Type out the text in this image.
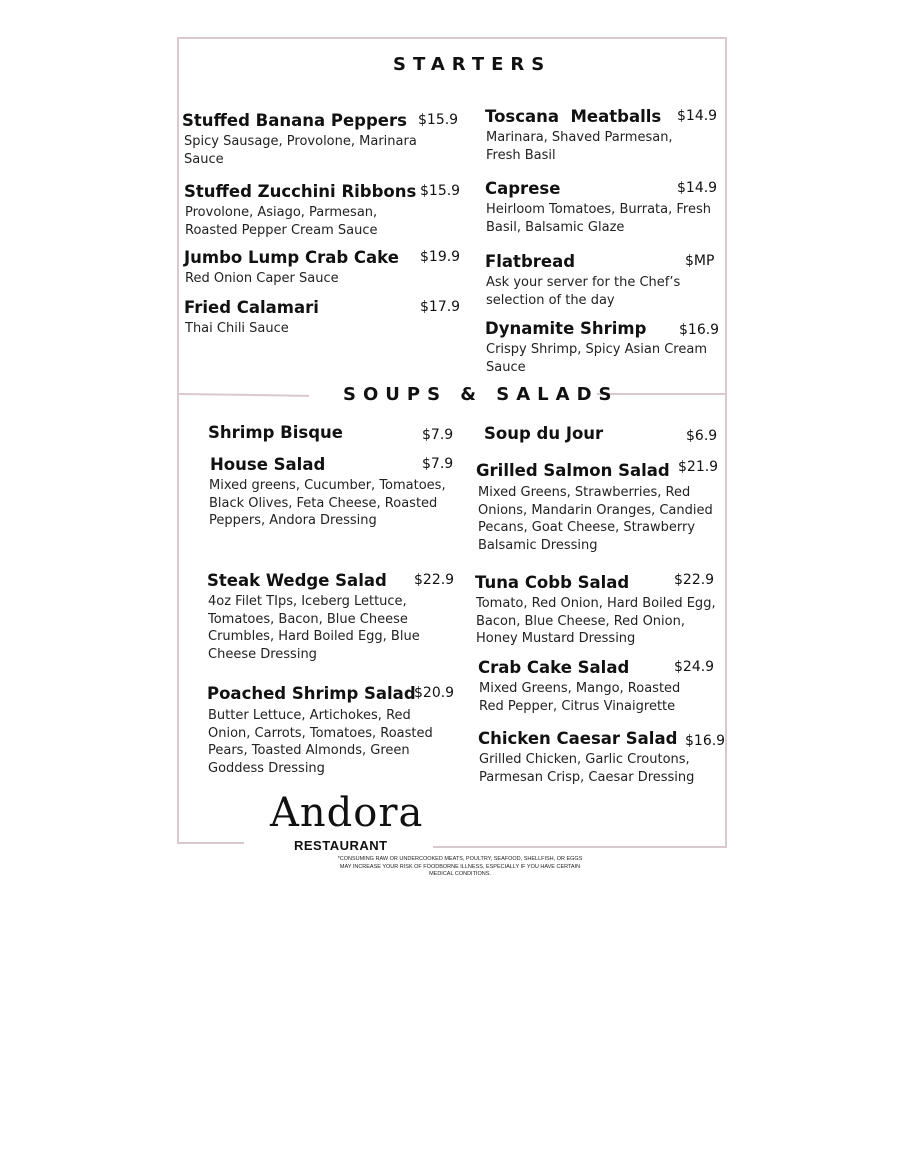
STARTERS
SOUPS & SALADS
Stuffed Banana Peppers $15.9
Spicy Sausage, Provolone, Marinara Sauce
Stuffed Zucchini Ribbons $15.9
Provolone, Asiago, Parmesan, Roasted Pepper Cream Sauce
Jumbo Lump Crab Cake $19.9
Red Onion Caper Sauce
Fried Calamari	$17.9
Thai Chili Sauce
Toscana  Meatballs $14.9
Marinara, Shaved Parmesan, Fresh Basil
Caprese	$14.9
Heirloom Tomatoes, Burrata, Fresh Basil, Balsamic Glaze
Flatbread	$MP
Ask your server for the Chef’s selection of the day
Dynamite Shrimp $16.9
Crispy Shrimp, Spicy Asian Cream Sauce
Shrimp Bisque	$7.9
House Salad	$7.9
Mixed greens, Cucumber, Tomatoes, Black Olives, Feta Cheese, Roasted Peppers, Andora Dressing
Steak Wedge Salad $22.9
4oz Filet TIps, Iceberg Lettuce, Tomatoes, Bacon, Blue Cheese Crumbles, Hard Boiled Egg, Blue Cheese Dressing
Poached Shrimp Salad
$20.9
Butter Lettuce, Artichokes, Red Onion, Carrots, Tomatoes, Roasted Pears, Toasted Almonds, Green Goddess Dressing
Soup du Jour	$6.9
Grilled Salmon Salad $21.9
Mixed Greens, Strawberries, Red Onions, Mandarin Oranges, Candied Pecans, Goat Cheese, Strawberry Balsamic Dressing
Tuna Cobb Salad	$22.9
Tomato, Red Onion, Hard Boiled Egg, Bacon, Blue Cheese, Red Onion, Honey Mustard Dressing
Crab Cake Salad	$24.9
Mixed Greens, Mango, Roasted Red Pepper, Citrus Vinaigrette
Chicken Caesar Salad $16.9
Grilled Chicken, Garlic Croutons, Parmesan Crisp, Caesar Dressing
Andora
RESTAURANT
*CONSUMING RAW OR UNDERCOOKED MEATS, POULTRY, SEAFOOD, SHELLFISH, OR EGGS MAY INCREASE YOUR RISK OF FOODBORNE ILLNESS, ESPECIALLY IF YOU HAVE CERTAIN MEDICAL CONDITIONS.
